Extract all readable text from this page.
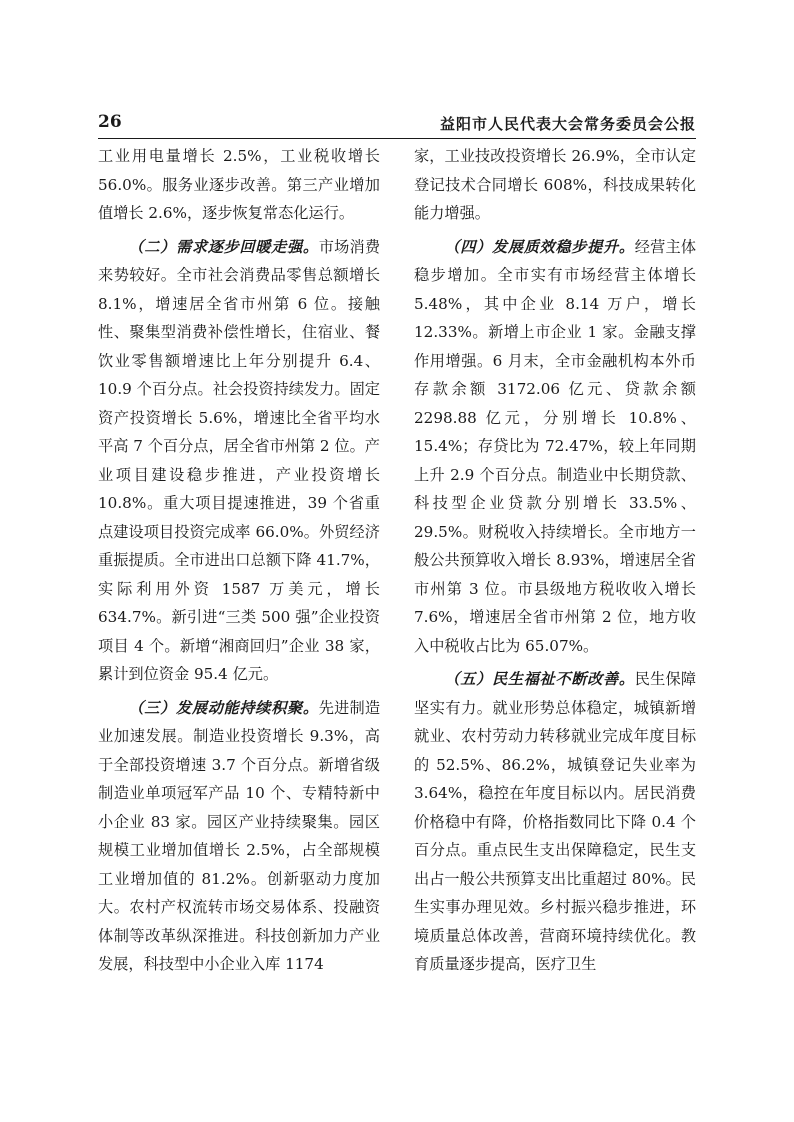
26	益阳市人民代表大会常务委员会公报

工业用电量增长 2.5%，工业税收增长 56.0%。服务业逐步改善。第三产业增加值增长 2.6%，逐步恢复常态化运行。

（二）需求逐步回暖走强。市场消费来势较好。全市社会消费品零售总额增长 8.1%，增速居全省市州第 6 位。接触性、聚集型消费补偿性增长，住宿业、餐饮业零售额增速比上年分别提升 6.4、10.9 个百分点。社会投资持续发力。固定资产投资增长 5.6%，增速比全省平均水平高 7 个百分点，居全省市州第 2 位。产业项目建设稳步推进，产业投资增长 10.8%。重大项目提速推进，39 个省重点建设项目投资完成率 66.0%。外贸经济重振提质。全市进出口总额下降 41.7%，实际利用外资 1587 万美元，增长 634.7%。新引进“三类 500 强”企业投资项目 4 个。新增“湘商回归”企业 38 家，累计到位资金 95.4 亿元。

（三）发展动能持续积聚。先进制造业加速发展。制造业投资增长 9.3%，高于全部投资增速 3.7 个百分点。新增省级制造业单项冠军产品 10 个、专精特新中小企业 83 家。园区产业持续聚集。园区规模工业增加值增长 2.5%，占全部规模工业增加值的 81.2%。创新驱动力度加大。农村产权流转市场交易体系、投融资体制等改革纵深推进。科技创新加力产业发展，科技型中小企业入库 1174

家，工业技改投资增长 26.9%，全市认定登记技术合同增长 608%，科技成果转化能力增强。

（四）发展质效稳步提升。经营主体稳步增加。全市实有市场经营主体增长 5.48%，其中企业 8.14 万户，增长 12.33%。新增上市企业 1 家。金融支撑作用增强。6 月末，全市金融机构本外币存款余额 3172.06 亿元、贷款余额 2298.88 亿元，分别增长 10.8%、15.4%；存贷比为 72.47%，较上年同期上升 2.9 个百分点。制造业中长期贷款、科技型企业贷款分别增长 33.5%、29.5%。财税收入持续增长。全市地方一般公共预算收入增长 8.93%，增速居全省市州第 3 位。市县级地方税收收入增长 7.6%，增速居全省市州第 2 位，地方收入中税收占比为 65.07%。

（五）民生福祉不断改善。民生保障坚实有力。就业形势总体稳定，城镇新增就业、农村劳动力转移就业完成年度目标的 52.5%、86.2%，城镇登记失业率为 3.64%，稳控在年度目标以内。居民消费价格稳中有降，价格指数同比下降 0.4 个百分点。重点民生支出保障稳定，民生支出占一般公共预算支出比重超过 80%。民生实事办理见效。乡村振兴稳步推进，环境质量总体改善，营商环境持续优化。教育质量逐步提高，医疗卫生
